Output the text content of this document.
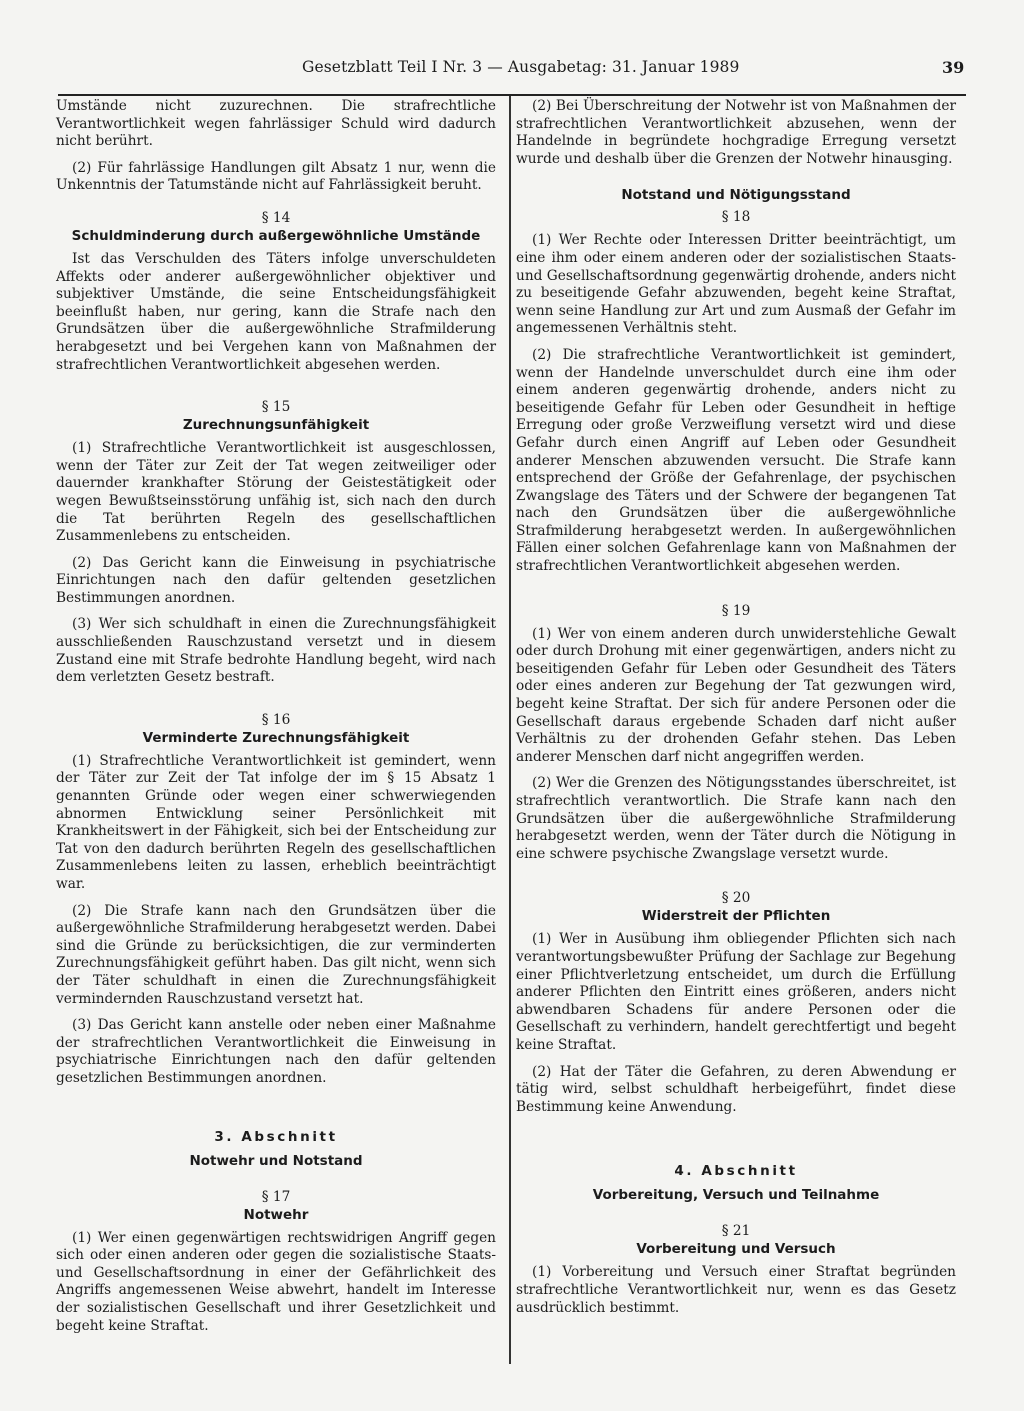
Gesetzblatt Teil I Nr. 3 — Ausgabetag: 31. Januar 1989	39

Umstände nicht zuzurechnen. Die strafrechtliche Verantwortlichkeit wegen fahrlässiger Schuld wird dadurch nicht berührt.

(2) Für fahrlässige Handlungen gilt Absatz 1 nur, wenn die Unkenntnis der Tatumstände nicht auf Fahrlässigkeit beruht.

§ 14
Schuldminderung durch außergewöhnliche Umstände

Ist das Verschulden des Täters infolge unverschuldeten Affekts oder anderer außergewöhnlicher objektiver und subjektiver Umstände, die seine Entscheidungsfähigkeit beeinflußt haben, nur gering, kann die Strafe nach den Grundsätzen über die außergewöhnliche Strafmilderung herabgesetzt und bei Vergehen kann von Maßnahmen der strafrechtlichen Verantwortlichkeit abgesehen werden.

§ 15
Zurechnungsunfähigkeit

(1) Strafrechtliche Verantwortlichkeit ist ausgeschlossen, wenn der Täter zur Zeit der Tat wegen zeitweiliger oder dauernder krankhafter Störung der Geistestätigkeit oder wegen Bewußtseinsstörung unfähig ist, sich nach den durch die Tat berührten Regeln des gesellschaftlichen Zusammenlebens zu entscheiden.

(2) Das Gericht kann die Einweisung in psychiatrische Einrichtungen nach den dafür geltenden gesetzlichen Bestimmungen anordnen.

(3) Wer sich schuldhaft in einen die Zurechnungsfähigkeit ausschließenden Rauschzustand versetzt und in diesem Zustand eine mit Strafe bedrohte Handlung begeht, wird nach dem verletzten Gesetz bestraft.

§ 16
Verminderte Zurechnungsfähigkeit

(1) Strafrechtliche Verantwortlichkeit ist gemindert, wenn der Täter zur Zeit der Tat infolge der im § 15 Absatz 1 genannten Gründe oder wegen einer schwerwiegenden abnormen Entwicklung seiner Persönlichkeit mit Krankheitswert in der Fähigkeit, sich bei der Entscheidung zur Tat von den dadurch berührten Regeln des gesellschaftlichen Zusammenlebens leiten zu lassen, erheblich beeinträchtigt war.

(2) Die Strafe kann nach den Grundsätzen über die außergewöhnliche Strafmilderung herabgesetzt werden. Dabei sind die Gründe zu berücksichtigen, die zur verminderten Zurechnungsfähigkeit geführt haben. Das gilt nicht, wenn sich der Täter schuldhaft in einen die Zurechnungsfähigkeit vermindernden Rauschzustand versetzt hat.

(3) Das Gericht kann anstelle oder neben einer Maßnahme der strafrechtlichen Verantwortlichkeit die Einweisung in psychiatrische Einrichtungen nach den dafür geltenden gesetzlichen Bestimmungen anordnen.

3. Abschnitt
Notwehr und Notstand
§ 17
Notwehr

(1) Wer einen gegenwärtigen rechtswidrigen Angriff gegen sich oder einen anderen oder gegen die sozialistische Staats- und Gesellschaftsordnung in einer der Gefährlichkeit des Angriffs angemessenen Weise abwehrt, handelt im Interesse der sozialistischen Gesellschaft und ihrer Gesetzlichkeit und begeht keine Straftat.

(2) Bei Überschreitung der Notwehr ist von Maßnahmen der strafrechtlichen Verantwortlichkeit abzusehen, wenn der Handelnde in begründete hochgradige Erregung versetzt wurde und deshalb über die Grenzen der Notwehr hinausging.

Notstand und Nötigungsstand
§ 18

(1) Wer Rechte oder Interessen Dritter beeinträchtigt, um eine ihm oder einem anderen oder der sozialistischen Staats- und Gesellschaftsordnung gegenwärtig drohende, anders nicht zu beseitigende Gefahr abzuwenden, begeht keine Straftat, wenn seine Handlung zur Art und zum Ausmaß der Gefahr im angemessenen Verhältnis steht.

(2) Die strafrechtliche Verantwortlichkeit ist gemindert, wenn der Handelnde unverschuldet durch eine ihm oder einem anderen gegenwärtig drohende, anders nicht zu beseitigende Gefahr für Leben oder Gesundheit in heftige Erregung oder große Verzweiflung versetzt wird und diese Gefahr durch einen Angriff auf Leben oder Gesundheit anderer Menschen abzuwenden versucht. Die Strafe kann entsprechend der Größe der Gefahrenlage, der psychischen Zwangslage des Täters und der Schwere der begangenen Tat nach den Grundsätzen über die außergewöhnliche Strafmilderung herabgesetzt werden. In außergewöhnlichen Fällen einer solchen Gefahrenlage kann von Maßnahmen der strafrechtlichen Verantwortlichkeit abgesehen werden.

§ 19

(1) Wer von einem anderen durch unwiderstehliche Gewalt oder durch Drohung mit einer gegenwärtigen, anders nicht zu beseitigenden Gefahr für Leben oder Gesundheit des Täters oder eines anderen zur Begehung der Tat gezwungen wird, begeht keine Straftat. Der sich für andere Personen oder die Gesellschaft daraus ergebende Schaden darf nicht außer Verhältnis zu der drohenden Gefahr stehen. Das Leben anderer Menschen darf nicht angegriffen werden.

(2) Wer die Grenzen des Nötigungsstandes überschreitet, ist strafrechtlich verantwortlich. Die Strafe kann nach den Grundsätzen über die außergewöhnliche Strafmilderung herabgesetzt werden, wenn der Täter durch die Nötigung in eine schwere psychische Zwangslage versetzt wurde.

§ 20
Widerstreit der Pflichten

(1) Wer in Ausübung ihm obliegender Pflichten sich nach verantwortungsbewußter Prüfung der Sachlage zur Begehung einer Pflichtverletzung entscheidet, um durch die Erfüllung anderer Pflichten den Eintritt eines größeren, anders nicht abwendbaren Schadens für andere Personen oder die Gesellschaft zu verhindern, handelt gerechtfertigt und begeht keine Straftat.

(2) Hat der Täter die Gefahren, zu deren Abwendung er tätig wird, selbst schuldhaft herbeigeführt, findet diese Bestimmung keine Anwendung.

4. Abschnitt
Vorbereitung, Versuch und Teilnahme
§ 21
Vorbereitung und Versuch

(1) Vorbereitung und Versuch einer Straftat begründen strafrechtliche Verantwortlichkeit nur, wenn es das Gesetz ausdrücklich bestimmt.
